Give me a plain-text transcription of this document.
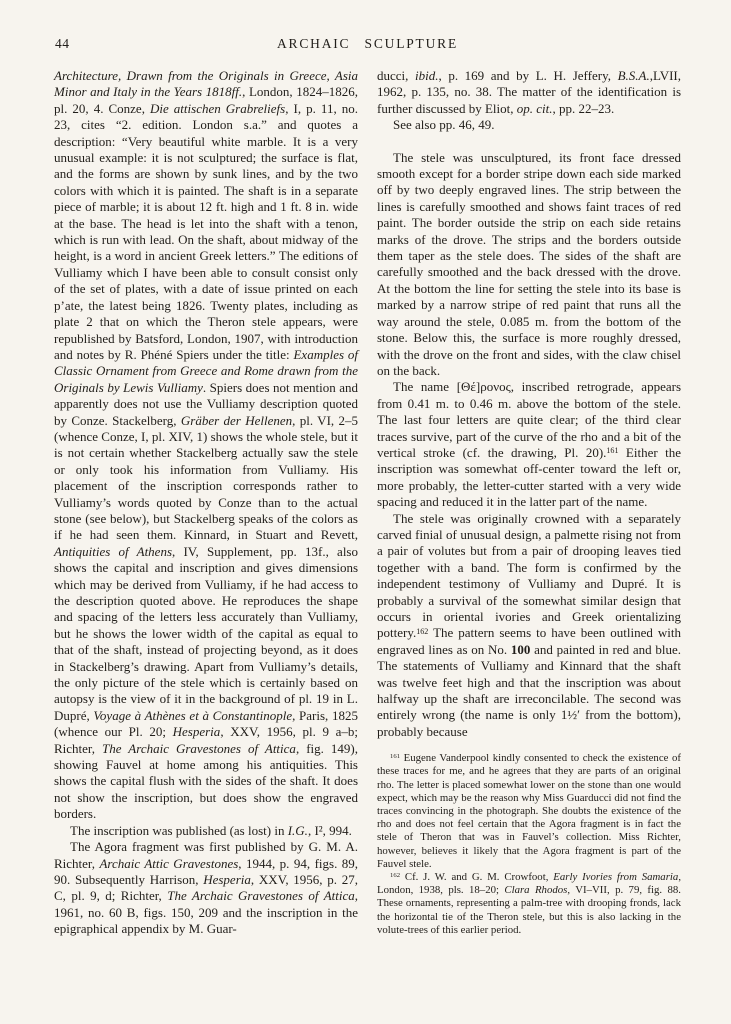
44	ARCHAIC SCULPTURE

Architecture, Drawn from the Originals in Greece, Asia Minor and Italy in the Years 1818ff., London, 1824–1826, pl. 20, 4. Conze, Die attischen Grabreliefs, I, p. 11, no. 23, cites “2. edition. London s.a.” and quotes a description: “Very beautiful white marble. It is a very unusual example: it is not sculptured; the surface is flat, and the forms are shown by sunk lines, and by the two colors with which it is painted. The shaft is in a separate piece of marble; it is about 12 ft. high and 1 ft. 8 in. wide at the base. The head is let into the shaft with a tenon, which is run with lead. On the shaft, about midway of the height, is a word in ancient Greek letters.” The editions of Vulliamy which I have been able to consult consist only of the set of plates, with a date of issue printed on each p’ate, the latest being 1826. Twenty plates, including as plate 2 that on which the Theron stele appears, were republished by Batsford, London, 1907, with introduction and notes by R. Phéné Spiers under the title: Examples of Classic Ornament from Greece and Rome drawn from the Originals by Lewis Vulliamy. Spiers does not mention and apparently does not use the Vulliamy description quoted by Conze. Stackelberg, Gräber der Hellenen, pl. VI, 2–5 (whence Conze, I, pl. XIV, 1) shows the whole stele, but it is not certain whether Stackelberg actually saw the stele or only took his information from Vulliamy. His placement of the inscription corresponds rather to Vulliamy’s words quoted by Conze than to the actual stone (see below), but Stackelberg speaks of the colors as if he had seen them. Kinnard, in Stuart and Revett, Antiquities of Athens, IV, Supplement, pp. 13f., also shows the capital and inscription and gives dimensions which may be derived from Vulliamy, if he had access to the description quoted above. He reproduces the shape and spacing of the letters less accurately than Vulliamy, but he shows the lower width of the capital as equal to that of the shaft, instead of projecting beyond, as it does in Stackelberg’s drawing. Apart from Vulliamy’s details, the only picture of the stele which is certainly based on autopsy is the view of it in the background of pl. 19 in L. Dupré, Voyage à Athènes et à Constantinople, Paris, 1825 (whence our Pl. 20; Hesperia, XXV, 1956, pl. 9 a–b; Richter, The Archaic Gravestones of Attica, fig. 149), showing Fauvel at home among his antiquities. This shows the capital flush with the sides of the shaft. It does not show the inscription, but does show the engraved borders.

The inscription was published (as lost) in I.G., I², 994.

The Agora fragment was first published by G. M. A. Richter, Archaic Attic Gravestones, 1944, p. 94, figs. 89, 90. Subsequently Harrison, Hesperia, XXV, 1956, p. 27, C, pl. 9, d; Richter, The Archaic Gravestones of Attica, 1961, no. 60 B, figs. 150, 209 and the inscription in the epigraphical appendix by M. Guar-

ducci, ibid., p. 169 and by L. H. Jeffery, B.S.A.,LVII, 1962, p. 135, no. 38. The matter of the identification is further discussed by Eliot, op. cit., pp. 22–23.

See also pp. 46, 49.

The stele was unsculptured, its front face dressed smooth except for a border stripe down each side marked off by two deeply engraved lines. The strip between the lines is carefully smoothed and shows faint traces of red paint. The border outside the strip on each side retains marks of the drove. The strips and the borders outside them taper as the stele does. The sides of the shaft are carefully smoothed and the back dressed with the drove. At the bottom the line for setting the stele into its base is marked by a narrow stripe of red paint that runs all the way around the stele, 0.085 m. from the bottom of the stone. Below this, the surface is more roughly dressed, with the drove on the front and sides, with the claw chisel on the back.

The name [Θέ]ρονος, inscribed retrograde, appears from 0.41 m. to 0.46 m. above the bottom of the stele. The last four letters are quite clear; of the third clear traces survive, part of the curve of the rho and a bit of the vertical stroke (cf. the drawing, Pl. 20).$^{161}$ Either the inscription was somewhat off-center toward the left or, more probably, the letter-cutter started with a very wide spacing and reduced it in the latter part of the name.

The stele was originally crowned with a separately carved finial of unusual design, a palmette rising not from a pair of volutes but from a pair of drooping leaves tied together with a band. The form is confirmed by the independent testimony of Vulliamy and Dupré. It is probably a survival of the somewhat similar design that occurs in oriental ivories and Greek orientalizing pottery.$^{162}$ The pattern seems to have been outlined with engraved lines as on No. 100 and painted in red and blue. The statements of Vulliamy and Kinnard that the shaft was twelve feet high and that the inscription was about halfway up the shaft are irreconcilable. The second was entirely wrong (the name is only 1½′ from the bottom), probably because

$^{161}$ Eugene Vanderpool kindly consented to check the existence of these traces for me, and he agrees that they are parts of an original rho. The letter is placed somewhat lower on the stone than one would expect, which may be the reason why Miss Guarducci did not find the traces convincing in the photograph. She doubts the existence of the rho and does not feel certain that the Agora fragment is in fact the stele of Theron that was in Fauvel’s collection. Miss Richter, however, believes it likely that the Agora fragment is part of the Fauvel stele.

$^{162}$ Cf. J. W. and G. M. Crowfoot, Early Ivories from Samaria, London, 1938, pls. 18–20; Clara Rhodos, VI–VII, p. 79, fig. 88. These ornaments, representing a palm-tree with drooping fronds, lack the horizontal tie of the Theron stele, but this is also lacking in the volute-trees of this earlier period.
